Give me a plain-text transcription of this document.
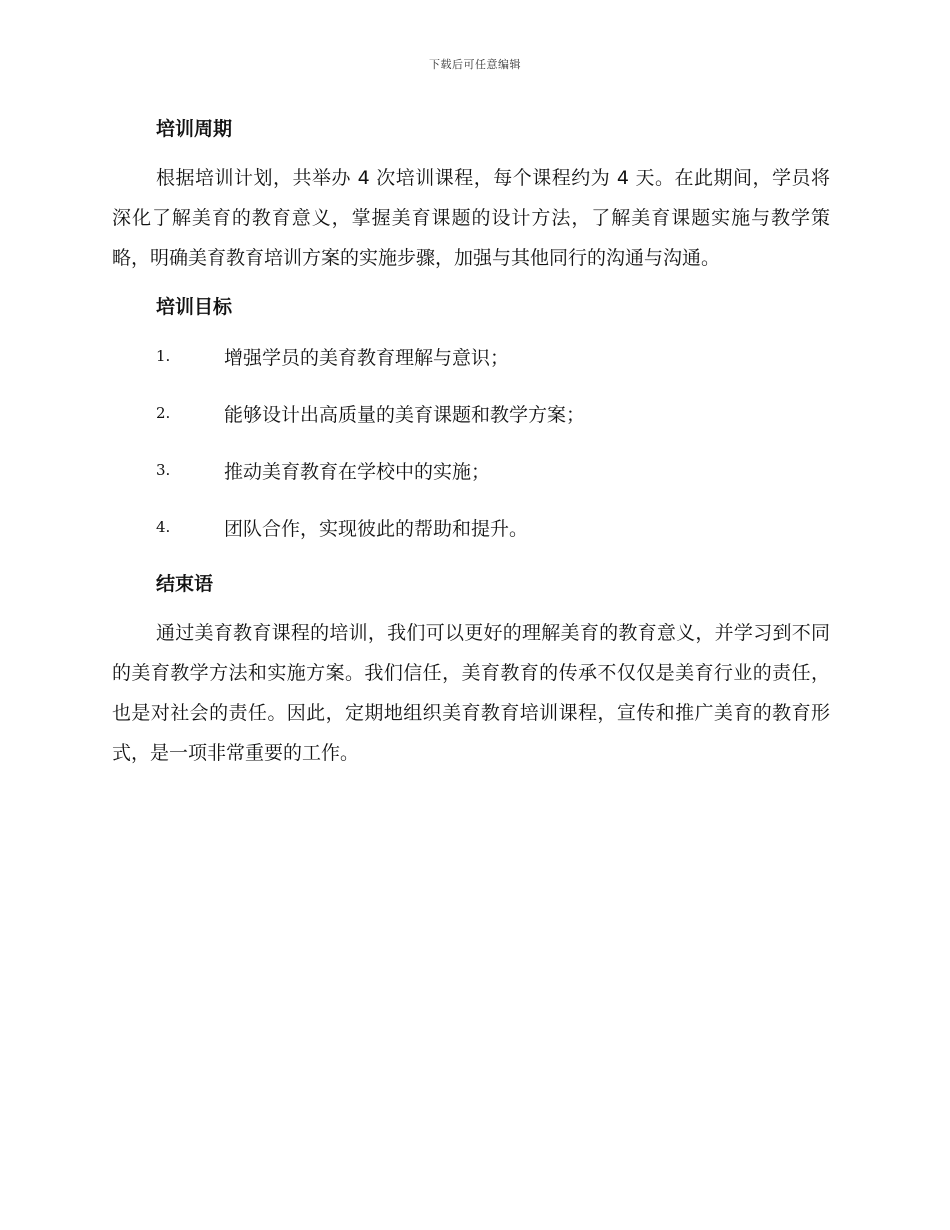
下载后可任意编辑
培训周期

根据培训计划，共举办 4 次培训课程，每个课程约为 4 天。在此期间，学员将深化了解美育的教育意义，掌握美育课题的设计方法，了解美育课题实施与教学策略，明确美育教育培训方案的实施步骤，加强与其他同行的沟通与沟通。

培训目标
1.	增强学员的美育教育理解与意识；
2.	能够设计出高质量的美育课题和教学方案；
3.	推动美育教育在学校中的实施；
4.	团队合作，实现彼此的帮助和提升。
结束语

通过美育教育课程的培训，我们可以更好的理解美育的教育意义，并学习到不同的美育教学方法和实施方案。我们信任，美育教育的传承不仅仅是美育行业的责任，也是对社会的责任。因此，定期地组织美育教育培训课程，宣传和推广美育的教育形式，是一项非常重要的工作。
